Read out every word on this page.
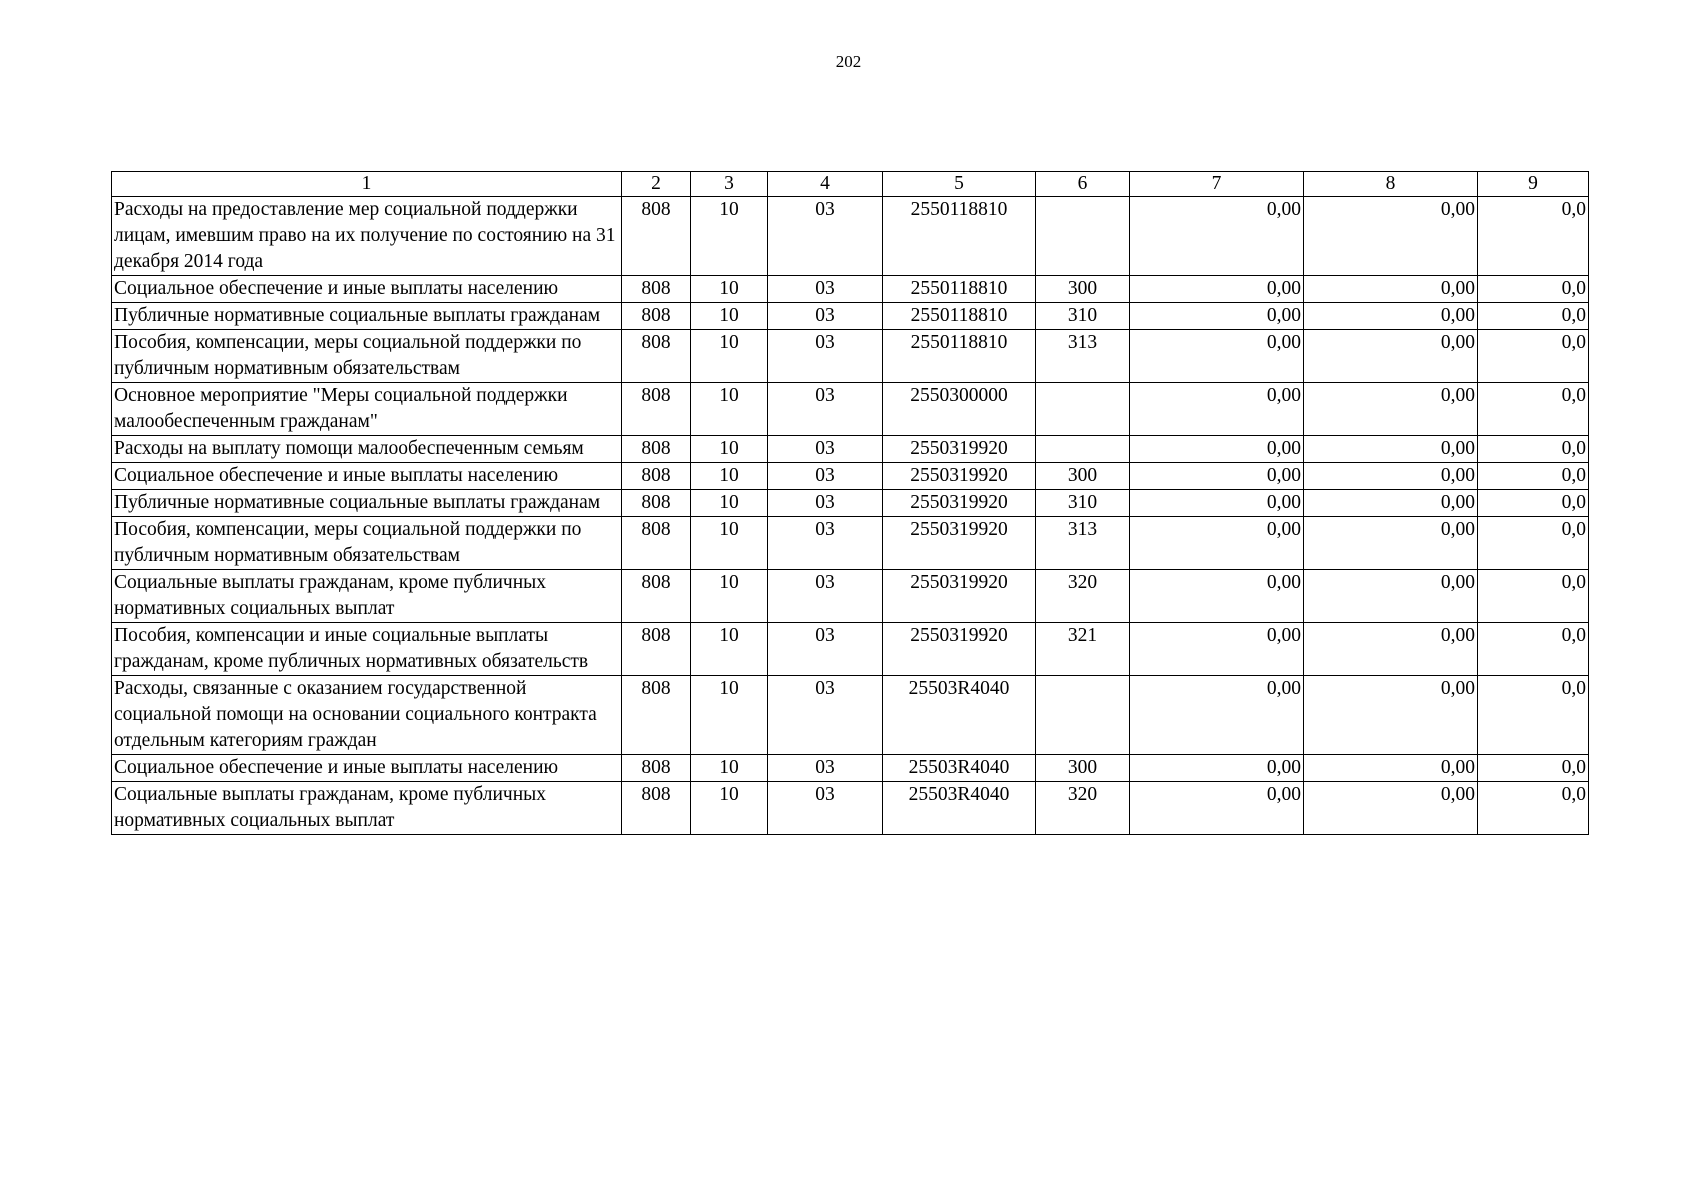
202
1	2	3	4	5	6	7	8	9
Расходы на предоставление мер социальной поддержки лицам, имевшим право на их получение по состоянию на 31 декабря 2014 года	808	10	03	2550118810		0,00	0,00	0,0
Социальное обеспечение и иные выплаты населению	808	10	03	2550118810	300	0,00	0,00	0,0
Публичные нормативные социальные выплаты гражданам	808	10	03	2550118810	310	0,00	0,00	0,0
Пособия, компенсации, меры социальной поддержки по публичным нормативным обязательствам	808	10	03	2550118810	313	0,00	0,00	0,0
Основное мероприятие "Меры социальной поддержки малообеспеченным гражданам"	808	10	03	2550300000		0,00	0,00	0,0
Расходы на выплату помощи малообеспеченным семьям	808	10	03	2550319920		0,00	0,00	0,0
Социальное обеспечение и иные выплаты населению	808	10	03	2550319920	300	0,00	0,00	0,0
Публичные нормативные социальные выплаты гражданам	808	10	03	2550319920	310	0,00	0,00	0,0
Пособия, компенсации, меры социальной поддержки по публичным нормативным обязательствам	808	10	03	2550319920	313	0,00	0,00	0,0
Социальные выплаты гражданам, кроме публичных нормативных социальных выплат	808	10	03	2550319920	320	0,00	0,00	0,0
Пособия, компенсации и иные социальные выплаты гражданам, кроме публичных нормативных обязательств	808	10	03	2550319920	321	0,00	0,00	0,0
Расходы, связанные с оказанием государственной социальной помощи на основании социального контракта отдельным категориям граждан	808	10	03	25503R4040		0,00	0,00	0,0
Социальное обеспечение и иные выплаты населению	808	10	03	25503R4040	300	0,00	0,00	0,0
Социальные выплаты гражданам, кроме публичных нормативных социальных выплат	808	10	03	25503R4040	320	0,00	0,00	0,0
